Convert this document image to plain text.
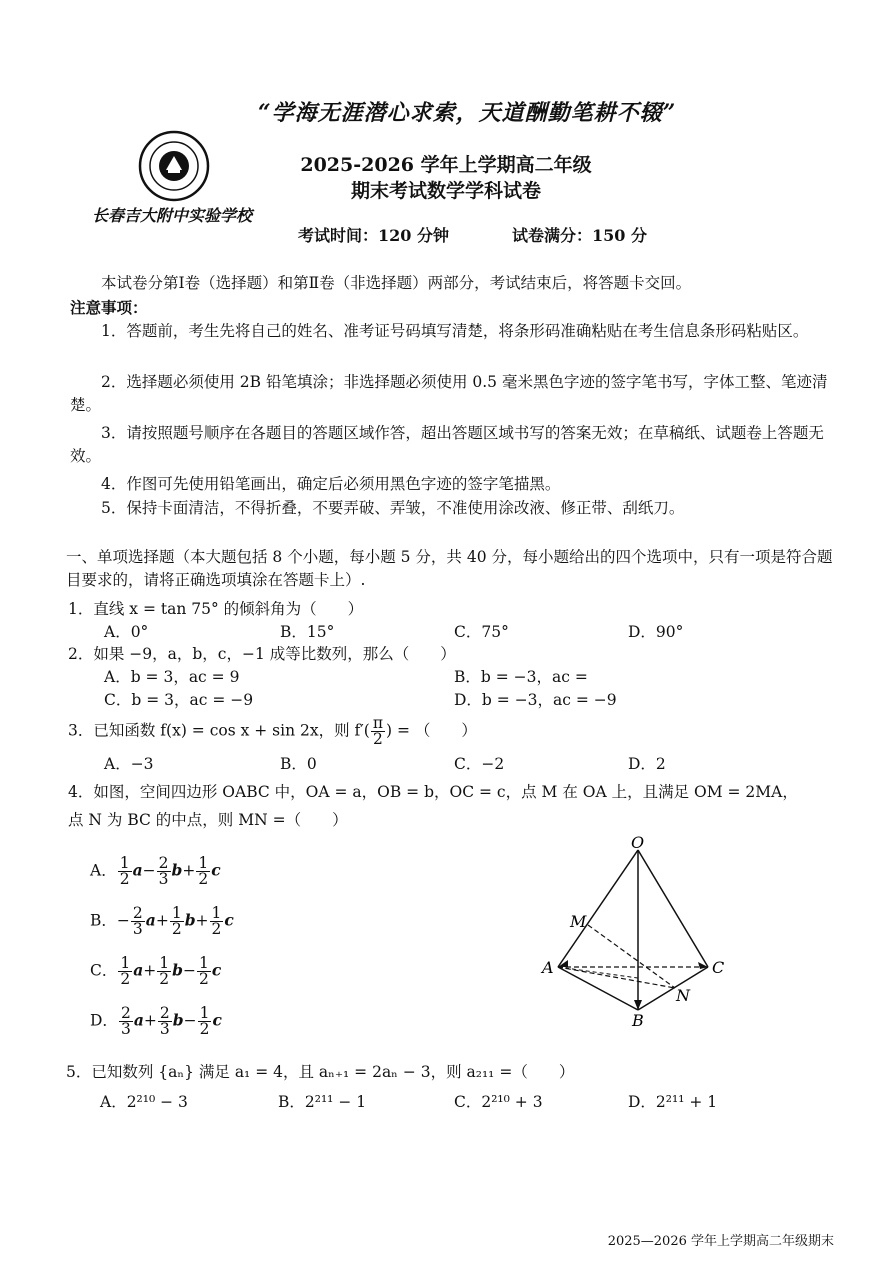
“学海无涯潜心求索，天道酬勤笔耕不辍”
长春吉大附中实验学校
2025-2026 学年上学期高二年级
期末考试数学学科试卷
考试时间：120 分钟	试卷满分：150 分
本试卷分第Ⅰ卷（选择题）和第Ⅱ卷（非选择题）两部分，考试结束后，将答题卡交回。
注意事项：
1．答题前，考生先将自己的姓名、准考证号码填写清楚，将条形码准确粘贴在考生信息条形码粘贴区。
2．选择题必须使用 2B 铅笔填涂；非选择题必须使用 0.5 毫米黑色字迹的签字笔书写，字体工整、笔迹清楚。
3．请按照题号顺序在各题目的答题区域作答，超出答题区域书写的答案无效；在草稿纸、试题卷上答题无效。
4．作图可先使用铅笔画出，确定后必须用黑色字迹的签字笔描黑。
5．保持卡面清洁，不得折叠，不要弄破、弄皱，不准使用涂改液、修正带、刮纸刀。
一、单项选择题（本大题包括 8 个小题，每小题 5 分，共 40 分，每小题给出的四个选项中，只有一项是符合题目要求的，请将正确选项填涂在答题卡上）.
1．直线 x = tan 75° 的倾斜角为（　　）
A．0°	B．15°	C．75°	D．90°
2．如果 −9，a，b，c，−1 成等比数列，那么（　　）
A．b = 3，ac = 9	B．b = −3，ac =
C．b = 3，ac = −9	D．b = −3，ac = −9
3．已知函数 f(x) = cos x + sin 2x，则 $f'( \frac{\pi}{2}$ ) = （　　）
A．−3	B．0	C．−2	D．2
4．如图，空间四边形 OABC 中，OA = a，OB = b，OC = c，点 M 在 OA 上，且满足 OM = 2MA，
点 N 为 BC 的中点，则 MN =（　　）
A． $\frac{1}{2} a- \frac{2}{3} b+ \frac{1}{2}$ c
B．− $\frac{2}{3} a+ \frac{1}{2} b+ \frac{1}{2}$ c
C． $\frac{1}{2} a+ \frac{1}{2} b- \frac{1}{2}$ c
D． $\frac{2}{3} a+ \frac{2}{3} b- \frac{1}{2}$ c
O
M
A	C
N
B
5．已知数列 {aₙ} 满足 a₁ = 4，且 aₙ₊₁ = 2aₙ − 3，则 a₂₁₁ =（　　）
A．2²¹⁰ − 3	B．2²¹¹ − 1	C．2²¹⁰ + 3	D．2²¹¹ + 1
2025—2026 学年上学期高二年级期末
